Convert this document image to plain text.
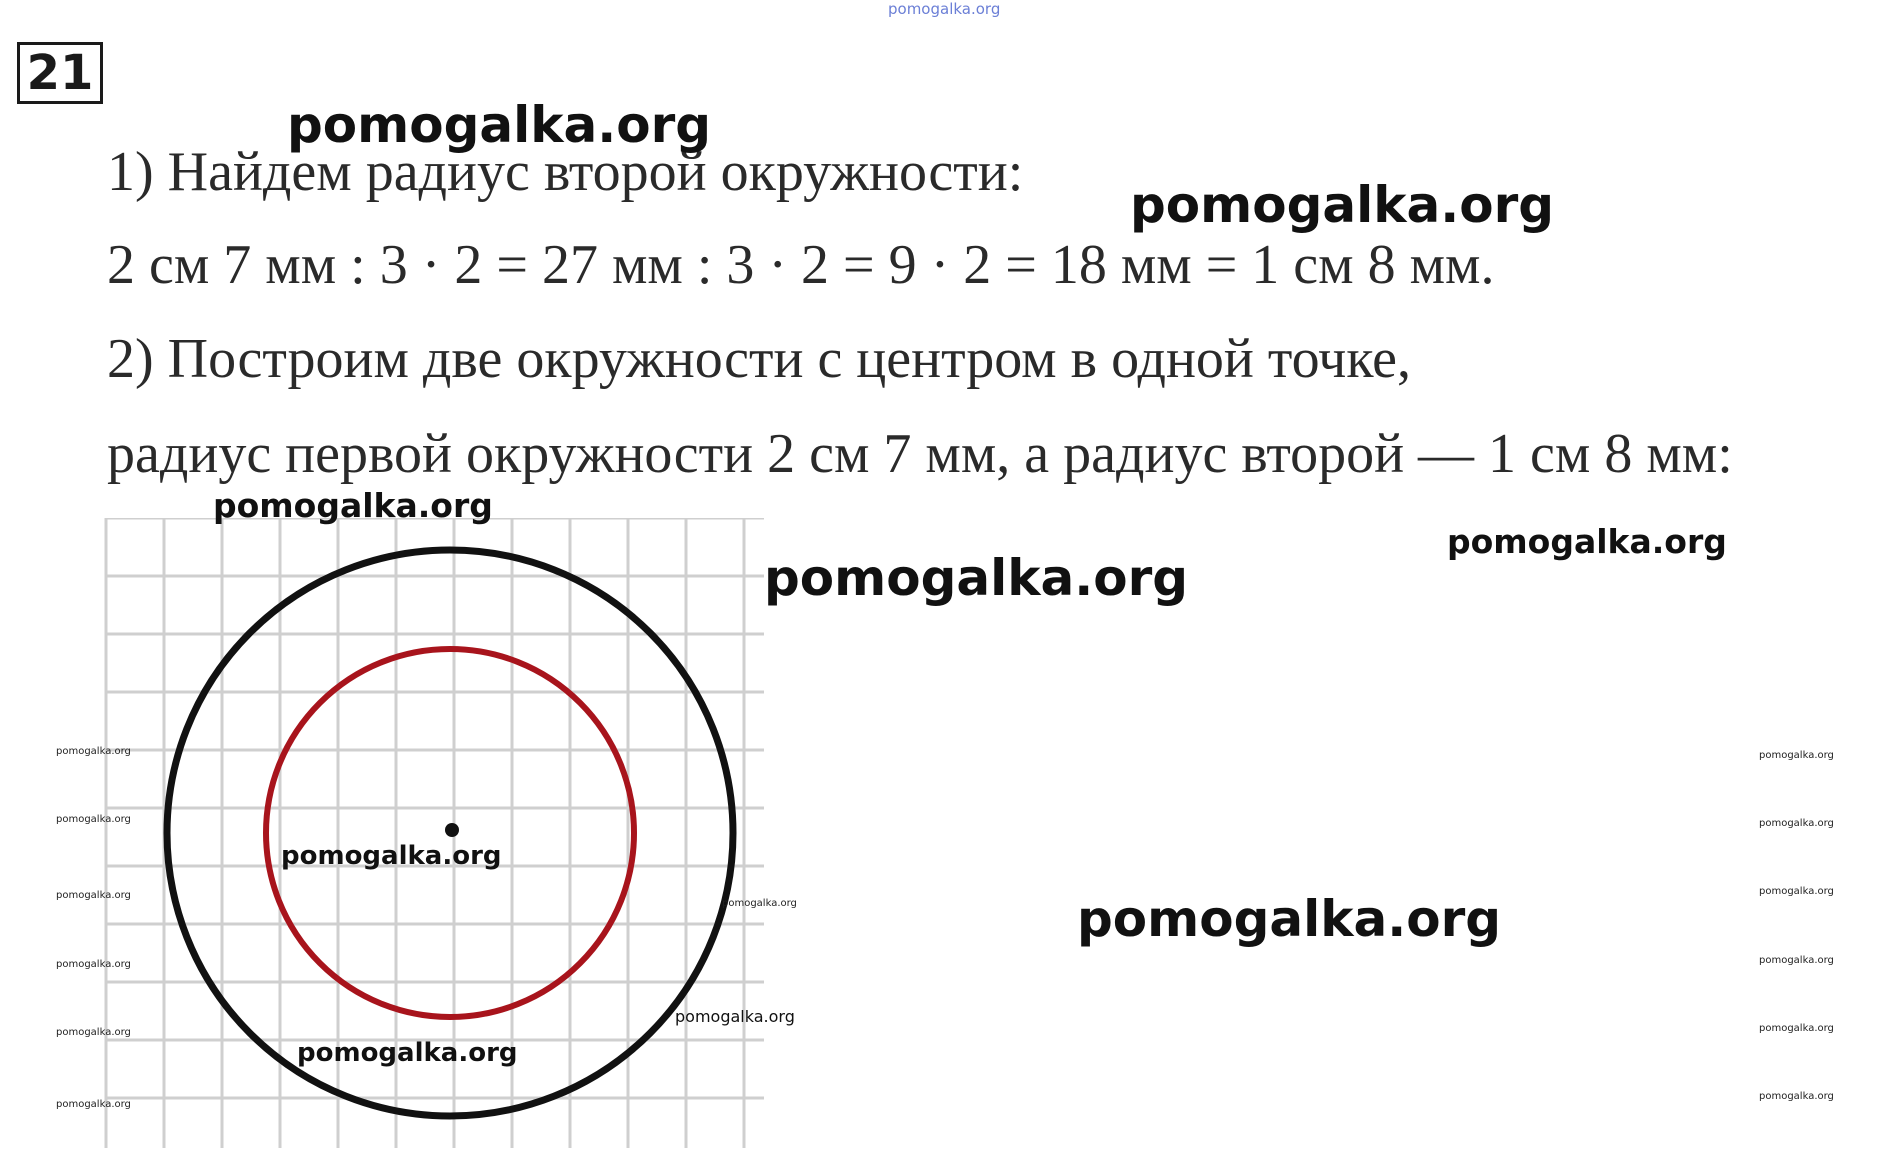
pomogalka.org
21
1) Найдем радиус второй окружности:
2 см 7 мм : 3 · 2 = 27 мм : 3 · 2 = 9 · 2 = 18 мм = 1 см 8 мм.
2) Построим две окружности с центром в одной точке,
радиус первой окружности 2 см 7 мм, а радиус второй — 1 см 8 мм:
pomogalka.org
pomogalka.org
pomogalka.org
pomogalka.org
pomogalka.org
pomogalka.org
pomogalka.org
pomogalka.org
pomogalka.org
pomogalka.org
pomogalka.org
pomogalka.org
pomogalka.org
pomogalka.org
pomogalka.org
pomogalka.org
pomogalka.org
pomogalka.org
pomogalka.org
pomogalka.org
pomogalka.org
pomogalka.org
